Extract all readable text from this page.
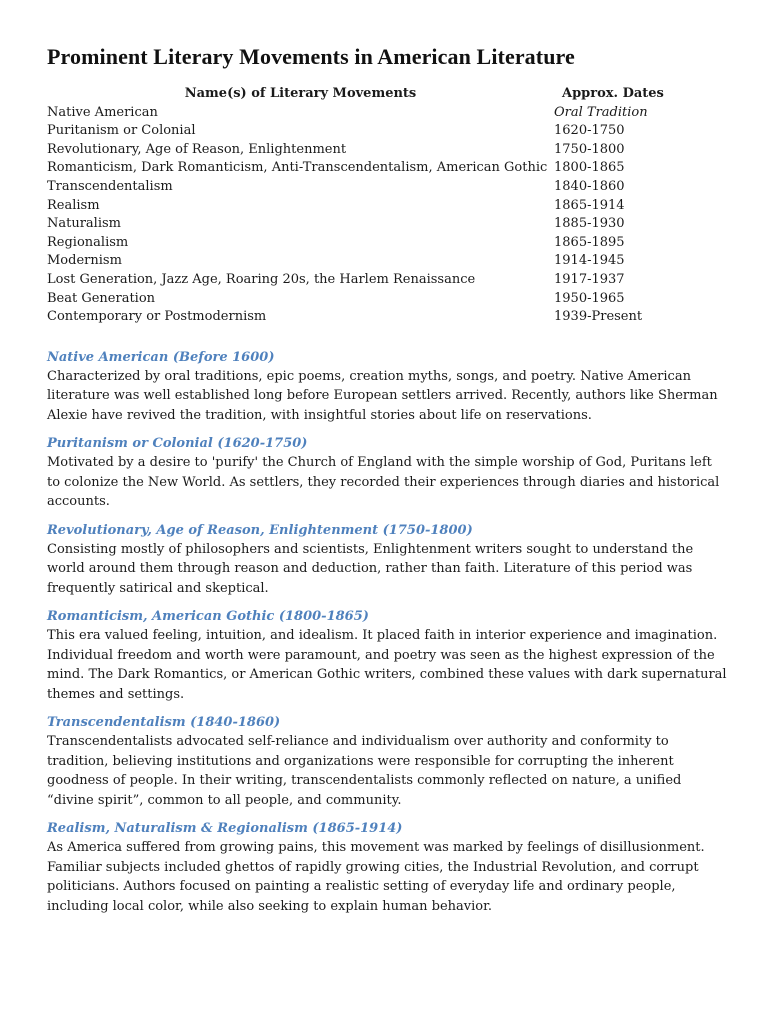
Prominent Literary Movements in American Literature
Name(s) of Literary Movements	Approx. Dates
Native American	Oral Tradition
Puritanism or Colonial	1620-1750
Revolutionary, Age of Reason, Enlightenment	1750-1800
Romanticism, Dark Romanticism, Anti-Transcendentalism, American Gothic	1800-1865
Transcendentalism	1840-1860
Realism	1865-1914
Naturalism	1885-1930
Regionalism	1865-1895
Modernism	1914-1945
Lost Generation, Jazz Age, Roaring 20s, the Harlem Renaissance	1917-1937
Beat Generation	1950-1965
Contemporary or Postmodernism	1939-Present
Native American (Before 1600)

Characterized by oral traditions, epic poems, creation myths, songs, and poetry. Native American literature was well established long before European settlers arrived. Recently, authors like Sherman Alexie have revived the tradition, with insightful stories about life on reservations.

Puritanism or Colonial (1620-1750)

Motivated by a desire to 'purify' the Church of England with the simple worship of God, Puritans left to colonize the New World. As settlers, they recorded their experiences through diaries and historical accounts.

Revolutionary, Age of Reason, Enlightenment (1750-1800)

Consisting mostly of philosophers and scientists, Enlightenment writers sought to understand the world around them through reason and deduction, rather than faith. Literature of this period was frequently satirical and skeptical.

Romanticism, American Gothic (1800-1865)

This era valued feeling, intuition, and idealism. It placed faith in interior experience and imagination. Individual freedom and worth were paramount, and poetry was seen as the highest expression of the mind. The Dark Romantics, or American Gothic writers, combined these values with dark supernatural themes and settings.

Transcendentalism (1840-1860)

Transcendentalists advocated self-reliance and individualism over authority and conformity to tradition, believing institutions and organizations were responsible for corrupting the inherent goodness of people. In their writing, transcendentalists commonly reflected on nature, a unified “divine spirit”, common to all people, and community.

Realism, Naturalism & Regionalism (1865-1914)

As America suffered from growing pains, this movement was marked by feelings of disillusionment. Familiar subjects included ghettos of rapidly growing cities, the Industrial Revolution, and corrupt politicians. Authors focused on painting a realistic setting of everyday life and ordinary people, including local color, while also seeking to explain human behavior.
